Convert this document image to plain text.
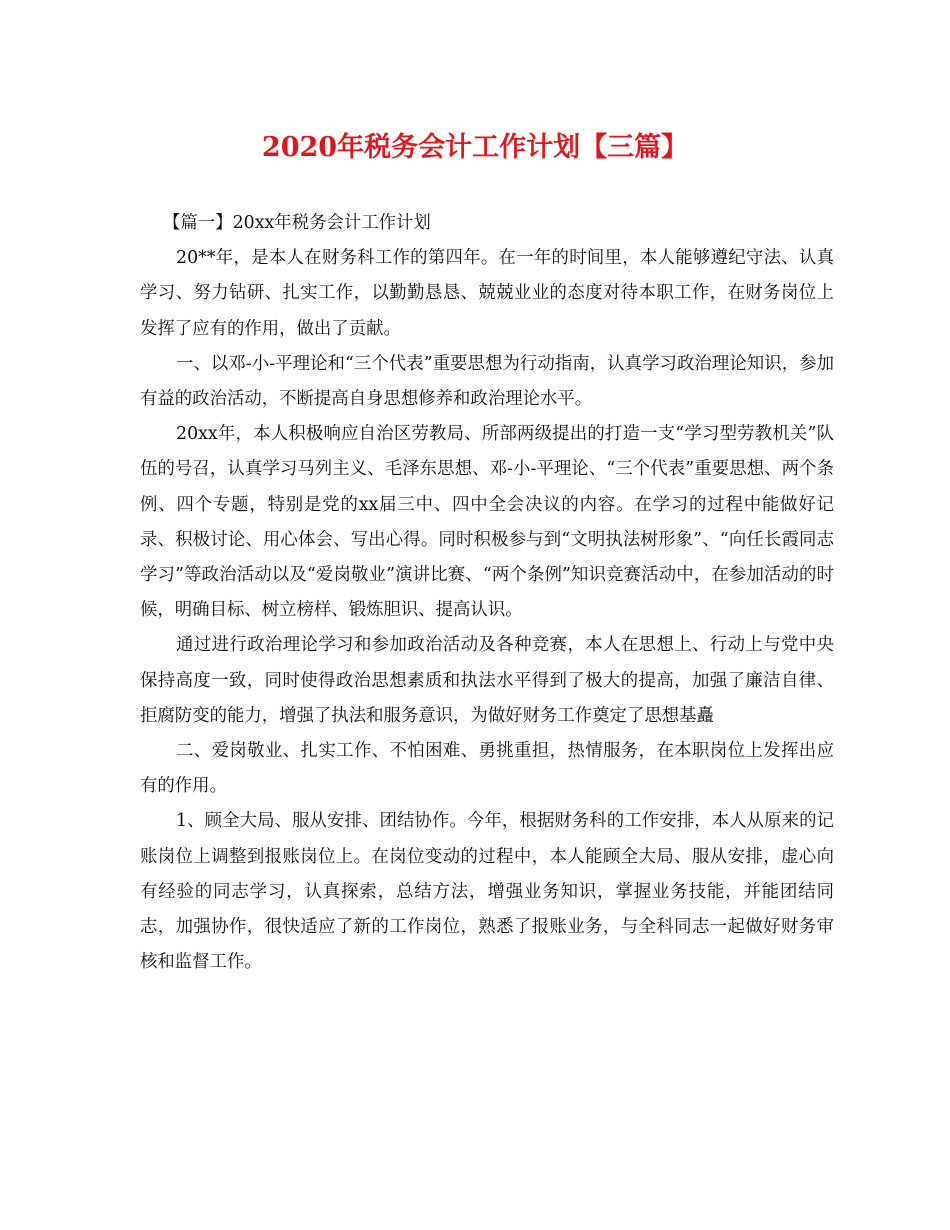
2020年税务会计工作计划【三篇】

【篇一】20xx年税务会计工作计划

20**年，是本人在财务科工作的第四年。在一年的时间里，本人能够遵纪守法、认真学习、努力钻研、扎实工作，以勤勤恳恳、兢兢业业的态度对待本职工作，在财务岗位上发挥了应有的作用，做出了贡献。

一、以邓-小-平理论和“三个代表”重要思想为行动指南，认真学习政治理论知识，参加有益的政治活动，不断提高自身思想修养和政治理论水平。

20xx年，本人积极响应自治区劳教局、所部两级提出的打造一支“学习型劳教机关”队伍的号召，认真学习马列主义、毛泽东思想、邓-小-平理论、“三个代表”重要思想、两个条例、四个专题，特别是党的xx届三中、四中全会决议的内容。在学习的过程中能做好记录、积极讨论、用心体会、写出心得。同时积极参与到“文明执法树形象”、“向任长霞同志学习”等政治活动以及“爱岗敬业”演讲比赛、“两个条例”知识竞赛活动中，在参加活动的时候，明确目标、树立榜样、锻炼胆识、提高认识。

通过进行政治理论学习和参加政治活动及各种竞赛，本人在思想上、行动上与党中央保持高度一致，同时使得政治思想素质和执法水平得到了极大的提高，加强了廉洁自律、拒腐防变的能力，增强了执法和服务意识，为做好财务工作奠定了思想基矗

二、爱岗敬业、扎实工作、不怕困难、勇挑重担，热情服务，在本职岗位上发挥出应有的作用。

1、顾全大局、服从安排、团结协作。今年，根据财务科的工作安排，本人从原来的记账岗位上调整到报账岗位上。在岗位变动的过程中，本人能顾全大局、服从安排，虚心向有经验的同志学习，认真探索，总结方法，增强业务知识，掌握业务技能，并能团结同志，加强协作，很快适应了新的工作岗位，熟悉了报账业务，与全科同志一起做好财务审核和监督工作。
